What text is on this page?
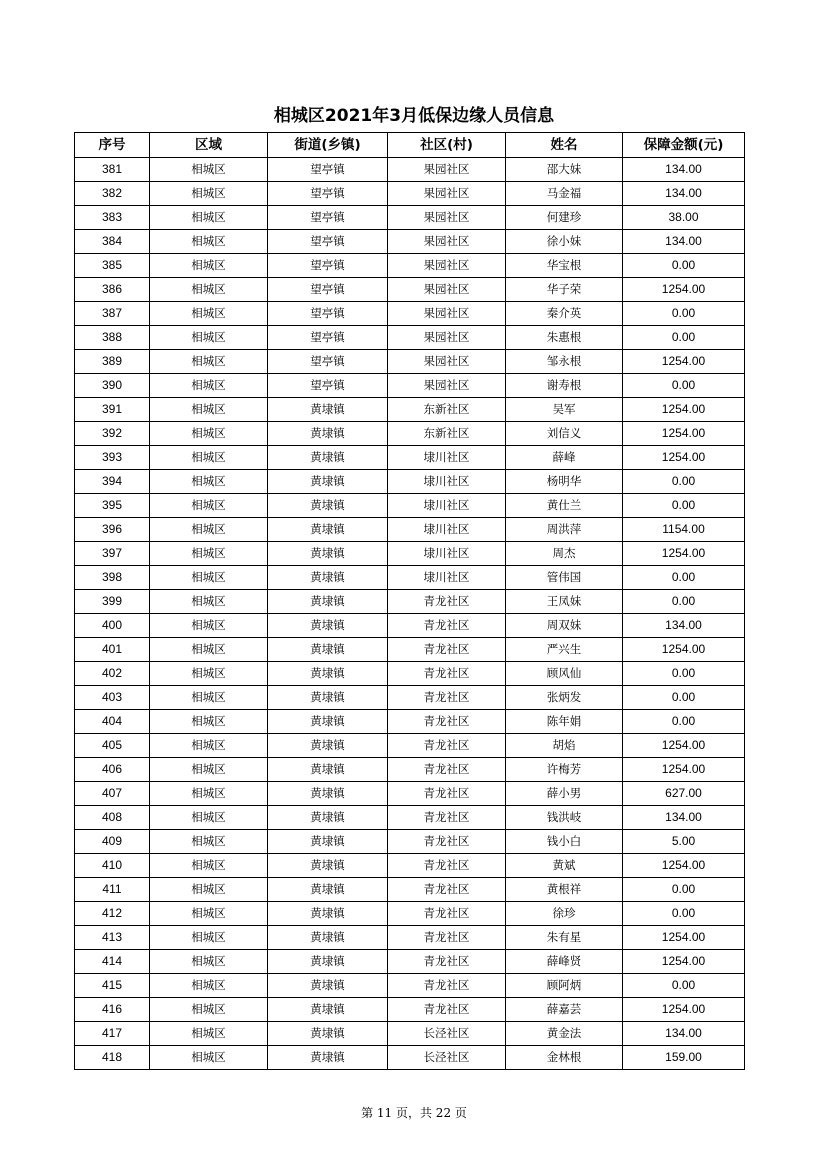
相城区2021年3月低保边缘人员信息
序号	区域	街道(乡镇)	社区(村)	姓名	保障金额(元)
381	相城区	望亭镇	果园社区	邵大妹	134.00
382	相城区	望亭镇	果园社区	马金福	134.00
383	相城区	望亭镇	果园社区	何建珍	38.00
384	相城区	望亭镇	果园社区	徐小妹	134.00
385	相城区	望亭镇	果园社区	华宝根	0.00
386	相城区	望亭镇	果园社区	华子荣	1254.00
387	相城区	望亭镇	果园社区	秦介英	0.00
388	相城区	望亭镇	果园社区	朱惠根	0.00
389	相城区	望亭镇	果园社区	邹永根	1254.00
390	相城区	望亭镇	果园社区	谢寿根	0.00
391	相城区	黄埭镇	东新社区	吴军	1254.00
392	相城区	黄埭镇	东新社区	刘信义	1254.00
393	相城区	黄埭镇	埭川社区	薛峰	1254.00
394	相城区	黄埭镇	埭川社区	杨明华	0.00
395	相城区	黄埭镇	埭川社区	黄仕兰	0.00
396	相城区	黄埭镇	埭川社区	周洪萍	1154.00
397	相城区	黄埭镇	埭川社区	周杰	1254.00
398	相城区	黄埭镇	埭川社区	管伟国	0.00
399	相城区	黄埭镇	青龙社区	王凤妹	0.00
400	相城区	黄埭镇	青龙社区	周双妹	134.00
401	相城区	黄埭镇	青龙社区	严兴生	1254.00
402	相城区	黄埭镇	青龙社区	顾风仙	0.00
403	相城区	黄埭镇	青龙社区	张炳发	0.00
404	相城区	黄埭镇	青龙社区	陈年娟	0.00
405	相城区	黄埭镇	青龙社区	胡焰	1254.00
406	相城区	黄埭镇	青龙社区	许梅芳	1254.00
407	相城区	黄埭镇	青龙社区	薛小男	627.00
408	相城区	黄埭镇	青龙社区	钱洪岐	134.00
409	相城区	黄埭镇	青龙社区	钱小白	5.00
410	相城区	黄埭镇	青龙社区	黄斌	1254.00
411	相城区	黄埭镇	青龙社区	黄根祥	0.00
412	相城区	黄埭镇	青龙社区	徐珍	0.00
413	相城区	黄埭镇	青龙社区	朱有星	1254.00
414	相城区	黄埭镇	青龙社区	薛峰贤	1254.00
415	相城区	黄埭镇	青龙社区	顾阿炳	0.00
416	相城区	黄埭镇	青龙社区	薛嘉芸	1254.00
417	相城区	黄埭镇	长泾社区	黄金法	134.00
418	相城区	黄埭镇	长泾社区	金林根	159.00
第 11 页，共 22 页
